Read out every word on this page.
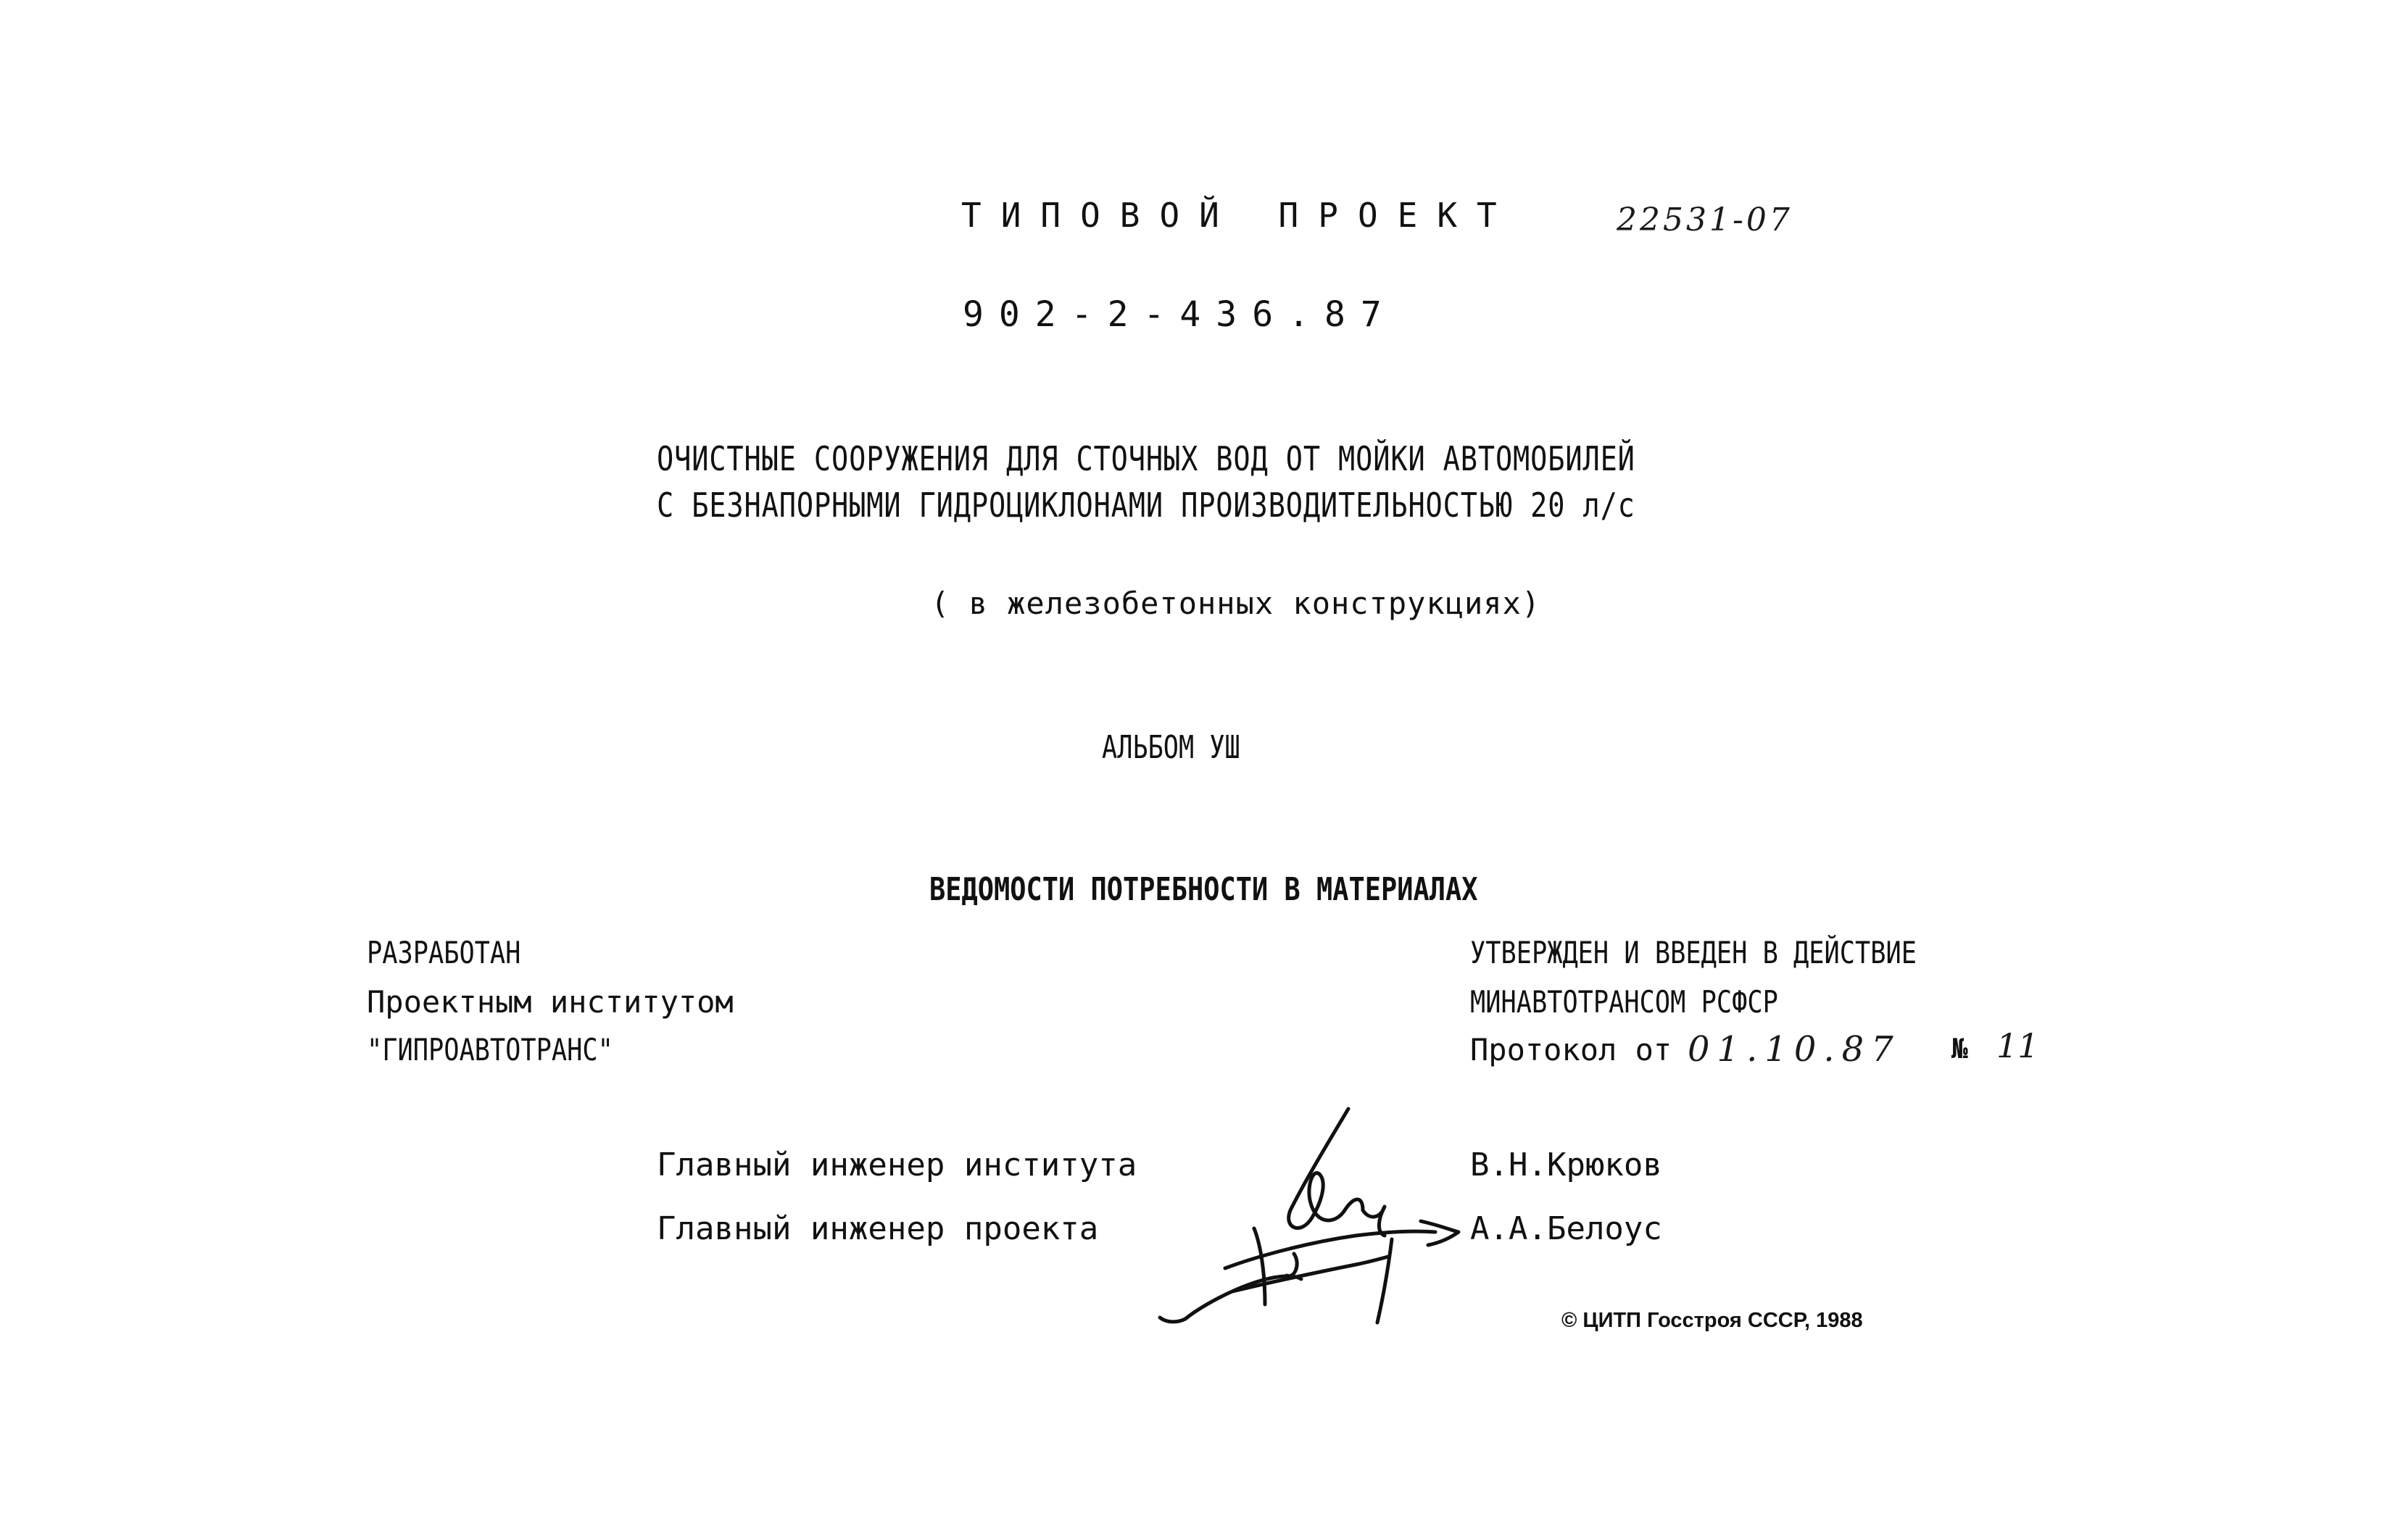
ТИПОВОЙ ПРОЕКТ	22531-07
902-2-436.87
ОЧИСТНЫЕ СООРУЖЕНИЯ ДЛЯ СТОЧНЫХ ВОД ОТ МОЙКИ АВТОМОБИЛЕЙ
С БЕЗНАПОРНЫМИ ГИДРОЦИКЛОНАМИ ПРОИЗВОДИТЕЛЬНОСТЬЮ 20 л/с
( в железобетонных конструкциях)
АЛЬБОМ УШ
ВЕДОМОСТИ ПОТРЕБНОСТИ В МАТЕРИАЛАХ
РАЗРАБОТАН
Проектным институтом
"ГИПРОАВТОТРАНС"
УТВЕРЖДЕН И ВВЕДЕН В ДЕЙСТВИЕ
МИНАВТОТРАНСОМ РСФСР
Протокол от 01.10.87 № 11
Главный инженер института
Главный инженер проекта
В.Н.Крюков
А.А.Белоус
© ЦИТП Госстроя СССР, 1988
